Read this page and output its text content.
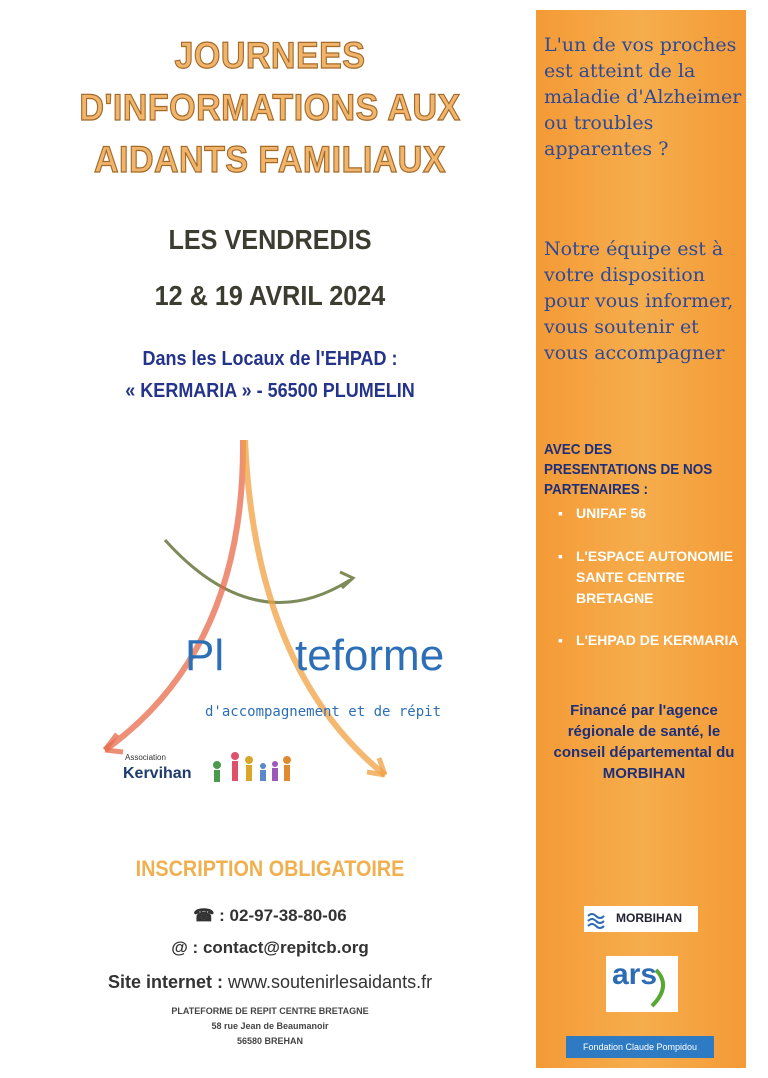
JOURNEES
D'INFORMATIONS AUX
AIDANTS FAMILIAUX
LES VENDREDIS
12 & 19 AVRIL 2024
Dans les Locaux de l'EHPAD :
« KERMARIA » - 56500 PLUMELIN
Pl teforme
d'accompagnement et de répit
Association
Kervihan
INSCRIPTION OBLIGATOIRE
☎ : 02-97-38-80-06
@ : contact@repitcb.org
Site internet : www.soutenirlesaidants.fr
PLATEFORME DE REPIT CENTRE BRETAGNE
58 rue Jean de Beaumanoir
56580 BREHAN
L'un de vos proches est atteint de la maladie d'Alzheimer ou troubles apparentes ?
Notre équipe est à votre disposition pour vous informer, vous soutenir et vous accompagner
AVEC DES PRESENTATIONS DE NOS PARTENAIRES :
▪ UNIFAF 56
▪ L'ESPACE AUTONOMIE SANTE CENTRE BRETAGNE
▪ L'EHPAD DE KERMARIA
Financé par l'agence régionale de santé, le conseil départemental du MORBIHAN
MORBIHAN
ars
Fondation Claude Pompidou
